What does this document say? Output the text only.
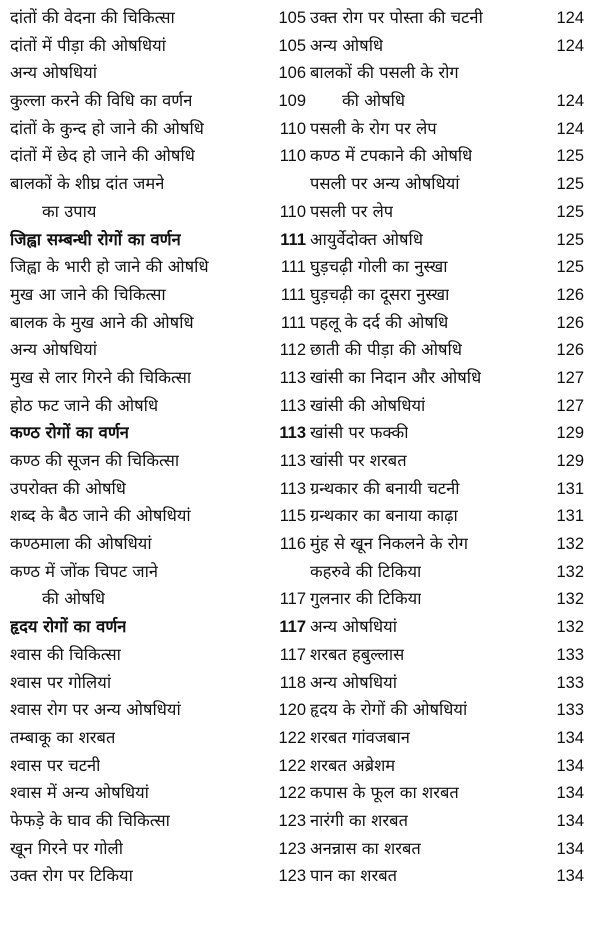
दांतों की वेदना की चिकित्सा	105
दांतों में पीड़ा की ओषधियां	105
अन्य ओषधियां	106
कुल्ला करने की विधि का वर्णन	109
दांतों के कुन्द हो जाने की ओषधि	110
दांतों में छेद हो जाने की ओषधि	110
बालकों के शीघ्र दांत जमने
का उपाय	110
जिह्वा सम्बन्धी रोगों का वर्णन	111
जिह्वा के भारी हो जाने की ओषधि	111
मुख आ जाने की चिकित्सा	111
बालक के मुख आने की ओषधि	111
अन्य ओषधियां	112
मुख से लार गिरने की चिकित्सा	113
होठ फट जाने की ओषधि	113
कण्ठ रोगों का वर्णन	113
कण्ठ की सूजन की चिकित्सा	113
उपरोक्त की ओषधि	113
शब्द के बैठ जाने की ओषधियां	115
कण्ठमाला की ओषधियां	116
कण्ठ में जोंक चिपट जाने
की ओषधि	117
हृदय रोगों का वर्णन	117
श्वास की चिकित्सा	117
श्वास पर गोलियां	118
श्वास रोग पर अन्य ओषधियां	120
तम्बाकू का शरबत	122
श्वास पर चटनी	122
श्वास में अन्य ओषधियां	122
फेफड़े के घाव की चिकित्सा	123
खून गिरने पर गोली	123
उक्त रोग पर टिकिया	123
उक्त रोग पर पोस्ता की चटनी	124
अन्य ओषधि	124
बालकों की पसली के रोग
की ओषधि	124
पसली के रोग पर लेप	124
कण्ठ में टपकाने की ओषधि	125
पसली पर अन्य ओषधियां	125
पसली पर लेप	125
आयुर्वेदोक्त ओषधि	125
घुड़चढ़ी गोली का नुस्खा	125
घुड़चढ़ी का दूसरा नुस्खा	126
पहलू के दर्द की ओषधि	126
छाती की पीड़ा की ओषधि	126
खांसी का निदान और ओषधि	127
खांसी की ओषधियां	127
खांसी पर फक्की	129
खांसी पर शरबत	129
ग्रन्थकार की बनायी चटनी	131
ग्रन्थकार का बनाया काढ़ा	131
मुंह से खून निकलने के रोग	132
कहरुवे की टिकिया	132
गुलनार की टिकिया	132
अन्य ओषधियां	132
शरबत हबुल्लास	133
अन्य ओषधियां	133
हृदय के रोगों की ओषधियां	133
शरबत गांवजबान	134
शरबत अब्रेशम	134
कपास के फूल का शरबत	134
नारंगी का शरबत	134
अनन्नास का शरबत	134
पान का शरबत	134
